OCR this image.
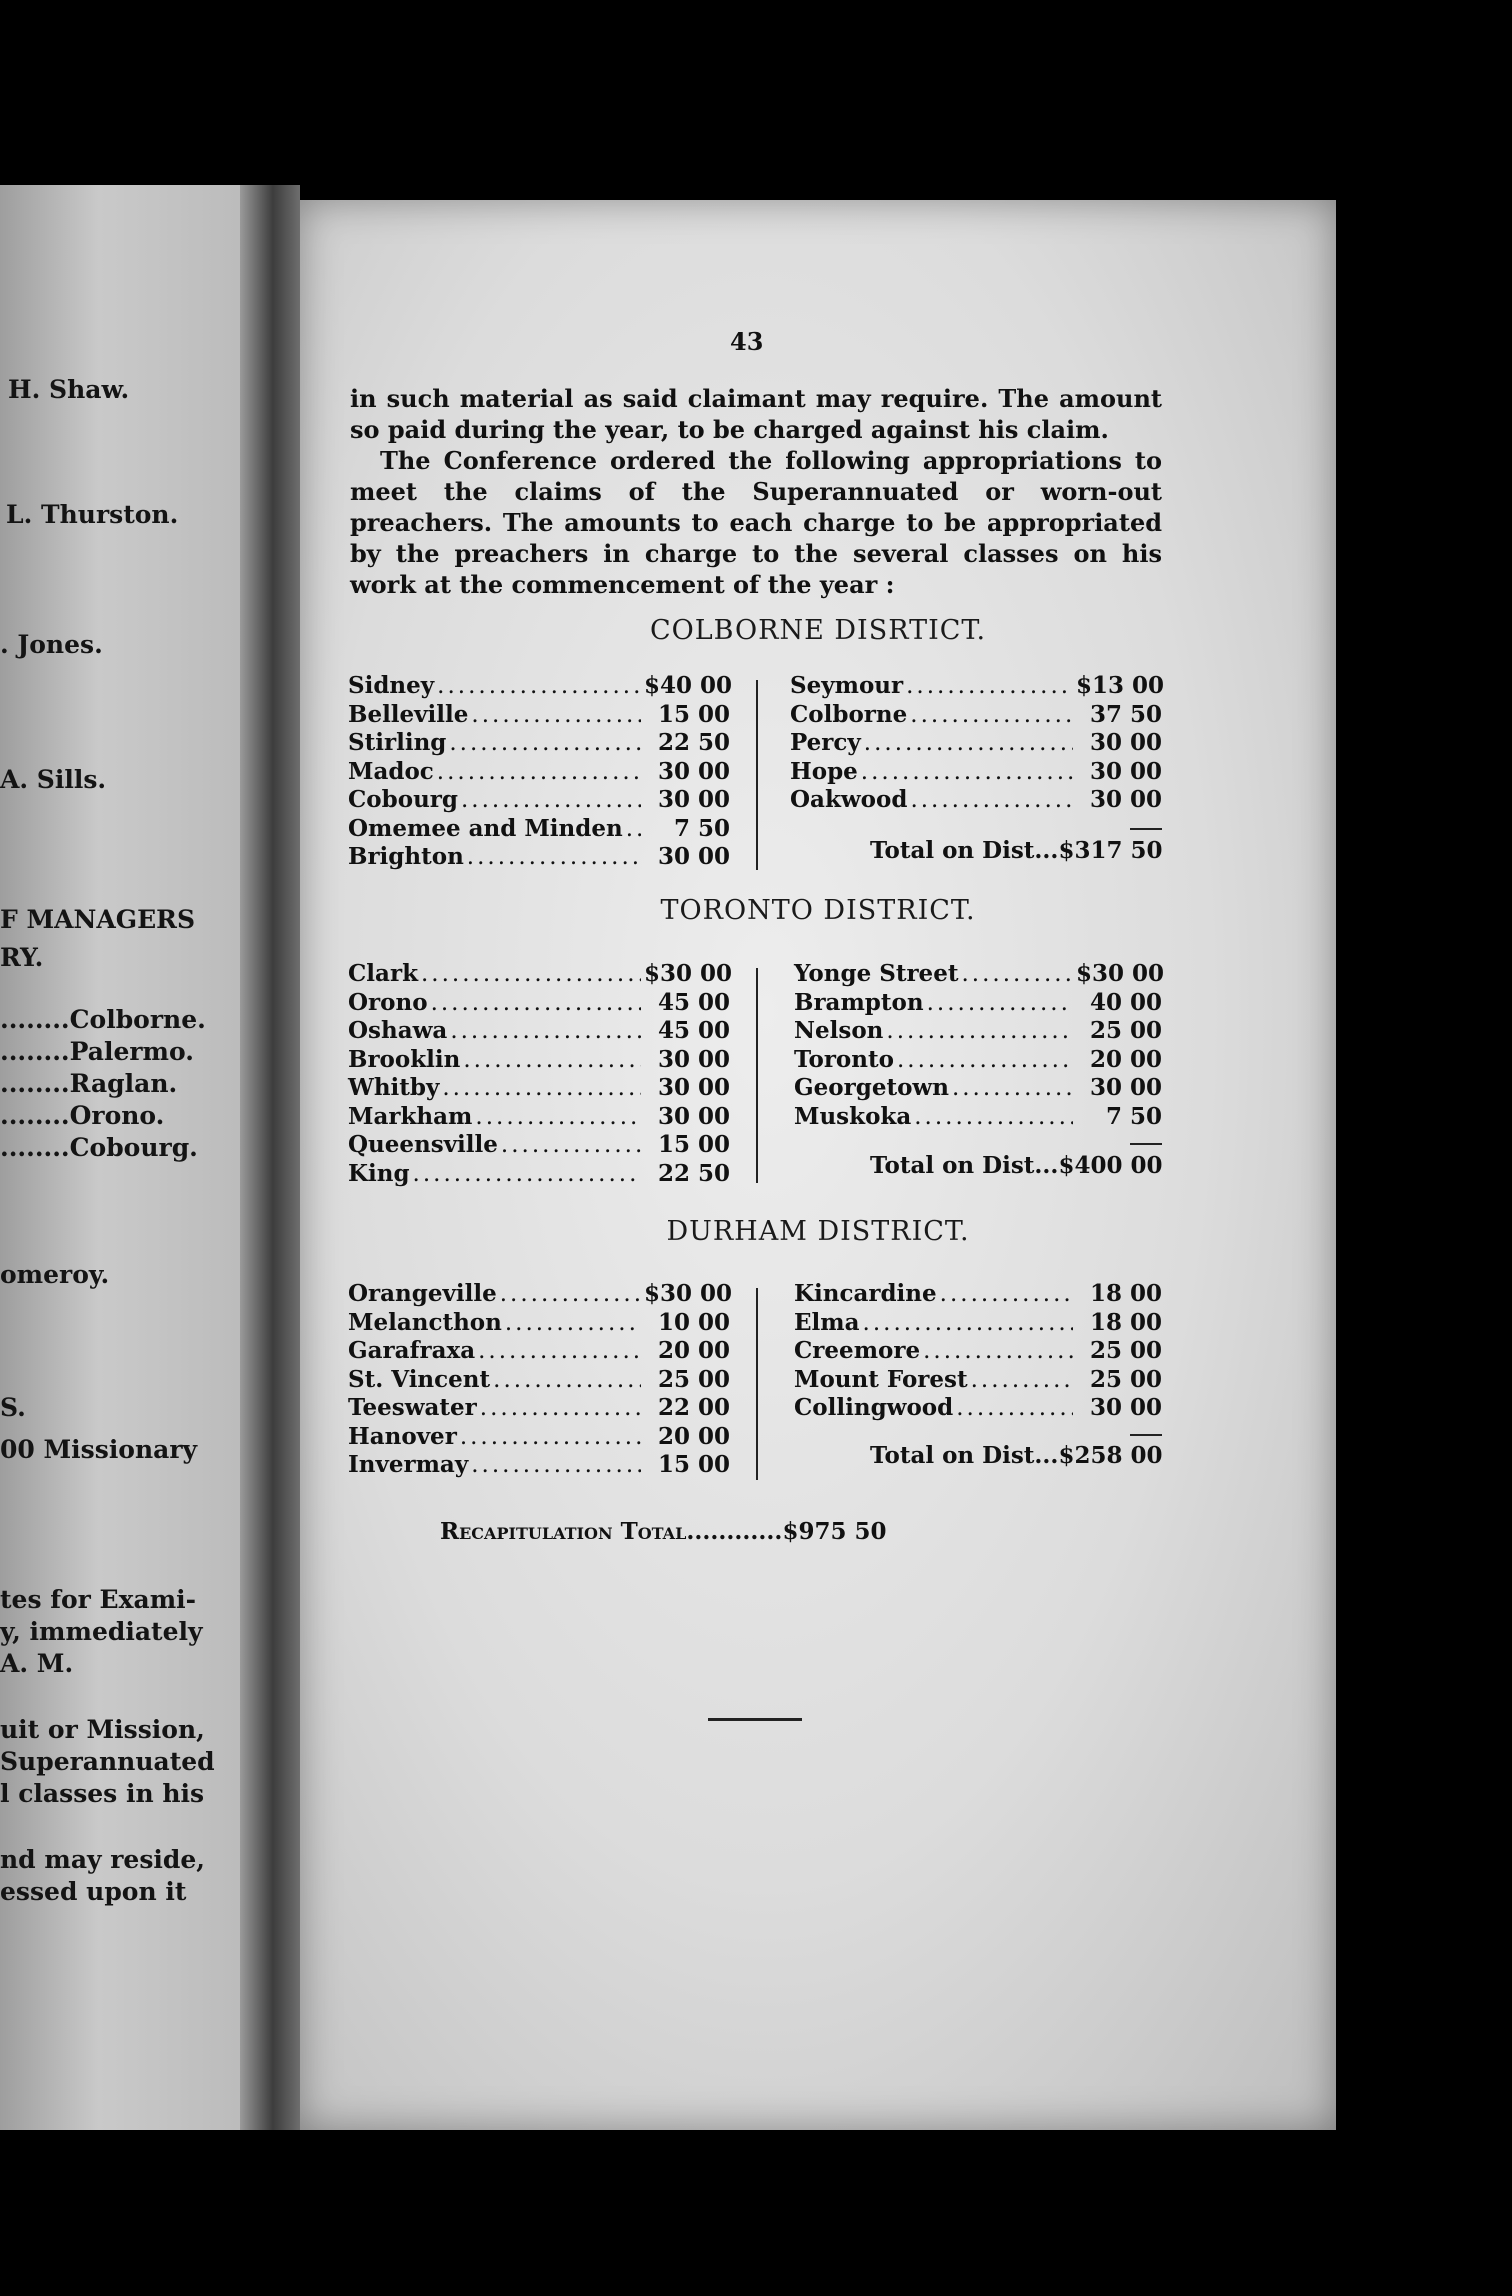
H. Shaw.
L. Thurston.
. Jones.
A. Sills.
F MANAGERS
RY.
........Colborne.
........Palermo.
........Raglan.
........Orono.
........Cobourg.
omeroy.
S.
00 Missionary
tes for Exami-
y, immediately
A. M.
uit or Mission,
Superannuated
l classes in his
nd may reside,
essed upon it
43

in such material as said claimant may require. The amount so paid during the year, to be charged against his claim.

The Conference ordered the following appropriations to meet the claims of the Superannuated or worn-out preachers. The amounts to each charge to be appropriated by the preachers in charge to the several classes on his work at the commencement of the year :

COLBORNE DISRTICT.
Sidney .....	$40 00
Belleville .....	15 00
Stirling .....	22 50
Madoc .....	30 00
Cobourg .....	30 00
Omemee and Minden .....	7 50
Brighton .....	30 00
Seymour .....	$13 00
Colborne .....	37 50
Percy .....	30 00
Hope .....	30 00
Oakwood .....	30 00
Total on Dist...$317 50
TORONTO DISTRICT.
Clark .....	$30 00
Orono .....	45 00
Oshawa .....	45 00
Brooklin .....	30 00
Whitby .....	30 00
Markham .....	30 00
Queensville .....	15 00
King .....	22 50
Yonge Street .....	$30 00
Brampton .....	40 00
Nelson .....	25 00
Toronto .....	20 00
Georgetown .....	30 00
Muskoka .....	7 50
Total on Dist...$400 00
DURHAM DISTRICT.
Orangeville .....	$30 00
Melancthon .....	10 00
Garafraxa .....	20 00
St. Vincent .....	25 00
Teeswater .....	22 00
Hanover .....	20 00
Invermay .....	15 00
Kincardine .....	18 00
Elma .....	18 00
Creemore .....	25 00
Mount Forest .....	25 00
Collingwood .....	30 00
Total on Dist...$258 00
Recapitulation Total............$975 50
